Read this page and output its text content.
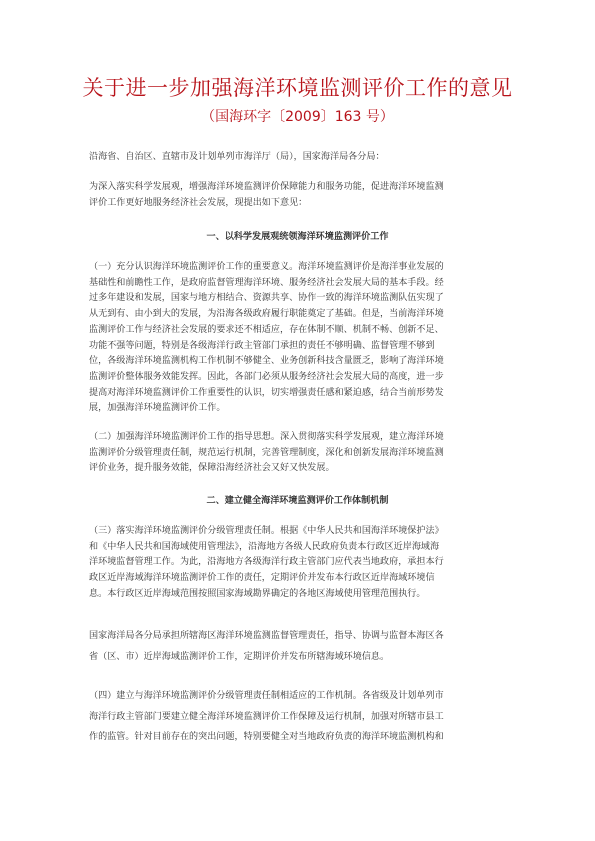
关于进一步加强海洋环境监测评价工作的意见
（国海环字〔2009〕163 号）

沿海省、自治区、直辖市及计划单列市海洋厅（局），国家海洋局各分局：

为深入落实科学发展观，增强海洋环境监测评价保障能力和服务功能，促进海洋环境监测
评价工作更好地服务经济社会发展，现提出如下意见：

一、以科学发展观统领海洋环境监测评价工作

（一）充分认识海洋环境监测评价工作的重要意义。海洋环境监测评价是海洋事业发展的
基础性和前瞻性工作，是政府监督管理海洋环境、服务经济社会发展大局的基本手段。经
过多年建设和发展，国家与地方相结合、资源共享、协作一致的海洋环境监测队伍实现了
从无到有、由小到大的发展，为沿海各级政府履行职能奠定了基础。但是，当前海洋环境
监测评价工作与经济社会发展的要求还不相适应，存在体制不顺、机制不畅、创新不足、
功能不强等问题，特别是各级海洋行政主管部门承担的责任不够明确、监督管理不够到
位，各级海洋环境监测机构工作机制不够健全、业务创新科技含量匮乏，影响了海洋环境
监测评价整体服务效能发挥。因此，各部门必须从服务经济社会发展大局的高度，进一步
提高对海洋环境监测评价工作重要性的认识，切实增强责任感和紧迫感，结合当前形势发
展，加强海洋环境监测评价工作。

（二）加强海洋环境监测评价工作的指导思想。深入贯彻落实科学发展观，建立海洋环境
监测评价分级管理责任制，规范运行机制，完善管理制度，深化和创新发展海洋环境监测
评价业务，提升服务效能，保障沿海经济社会又好又快发展。

二、建立健全海洋环境监测评价工作体制机制

（三）落实海洋环境监测评价分级管理责任制。根据《中华人民共和国海洋环境保护法》
和《中华人民共和国海域使用管理法》，沿海地方各级人民政府负责本行政区近岸海域海
洋环境监督管理工作。为此，沿海地方各级海洋行政主管部门应代表当地政府，承担本行
政区近岸海域海洋环境监测评价工作的责任，定期评价并发布本行政区近岸海域环境信
息。本行政区近岸海域范围按照国家海域勘界确定的各地区海域使用管理范围执行。

国家海洋局各分局承担所辖海区海洋环境监测监督管理责任，指导、协调与监督本海区各
省（区、市）近岸海域监测评价工作，定期评价并发布所辖海域环境信息。

（四）建立与海洋环境监测评价分级管理责任制相适应的工作机制。各省级及计划单列市
海洋行政主管部门要建立健全海洋环境监测评价工作保障及运行机制，加强对所辖市县工
作的监管。针对目前存在的突出问题，特别要健全对当地政府负责的海洋环境监测机构和
